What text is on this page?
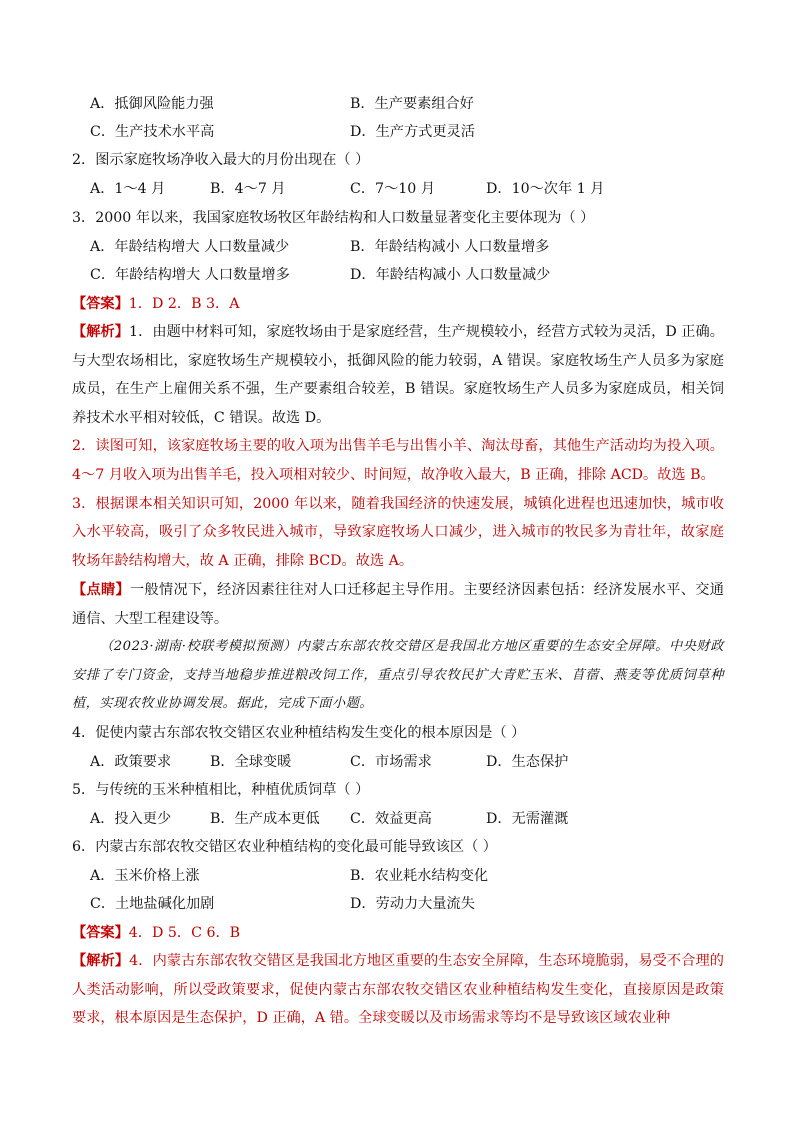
A．抵御风险能力强	B．生产要素组合好
C．生产技术水平高	D．生产方式更灵活
2．图示家庭牧场净收入最大的月份出现在（ ）
A．1～4 月	B．4～7 月	C．7～10 月	D．10～次年 1 月
3．2000 年以来，我国家庭牧场牧区年龄结构和人口数量显著变化主要体现为（ ）
A．年龄结构增大 人口数量减少	B．年龄结构减小 人口数量增多
C．年龄结构增大 人口数量增多	D．年龄结构减小 人口数量减少
【答案】1．D 2．B 3．A
【解析】1．由题中材料可知，家庭牧场由于是家庭经营，生产规模较小，经营方式较为灵活，D 正确。与大型农场相比，家庭牧场生产规模较小，抵御风险的能力较弱，A 错误。家庭牧场生产人员多为家庭成员，在生产上雇佣关系不强，生产要素组合较差，B 错误。家庭牧场生产人员多为家庭成员，相关饲养技术水平相对较低，C 错误。故选 D。
2．读图可知，该家庭牧场主要的收入项为出售羊毛与出售小羊、淘汰母畜，其他生产活动均为投入项。4～7 月收入项为出售羊毛，投入项相对较少、时间短，故净收入最大，B 正确，排除 ACD。故选 B。
3．根据课本相关知识可知，2000 年以来，随着我国经济的快速发展，城镇化进程也迅速加快，城市收入水平较高，吸引了众多牧民进入城市，导致家庭牧场人口减少，进入城市的牧民多为青壮年，故家庭牧场年龄结构增大，故 A 正确，排除 BCD。故选 A。
【点睛】一般情况下，经济因素往往对人口迁移起主导作用。主要经济因素包括：经济发展水平、交通通信、大型工程建设等。
（2023·湖南·校联考模拟预测）内蒙古东部农牧交错区是我国北方地区重要的生态安全屏障。中央财政安排了专门资金，支持当地稳步推进粮改饲工作，重点引导农牧民扩大青贮玉米、苜蓿、燕麦等优质饲草种植，实现农牧业协调发展。据此，完成下面小题。
4．促使内蒙古东部农牧交错区农业种植结构发生变化的根本原因是（ ）
A．政策要求	B．全球变暖	C．市场需求	D．生态保护
5．与传统的玉米种植相比，种植优质饲草（ ）
A．投入更少	B．生产成本更低 C．效益更高	D．无需灌溉
6．内蒙古东部农牧交错区农业种植结构的变化最可能导致该区（ ）
A．玉米价格上涨	B．农业耗水结构变化
C．土地盐碱化加剧	D．劳动力大量流失
【答案】4．D 5．C 6．B
【解析】4．内蒙古东部农牧交错区是我国北方地区重要的生态安全屏障，生态环境脆弱，易受不合理的人类活动影响，所以受政策要求，促使内蒙古东部农牧交错区农业种植结构发生变化，直接原因是政策要求，根本原因是生态保护，D 正确，A 错。全球变暖以及市场需求等均不是导致该区域农业种
